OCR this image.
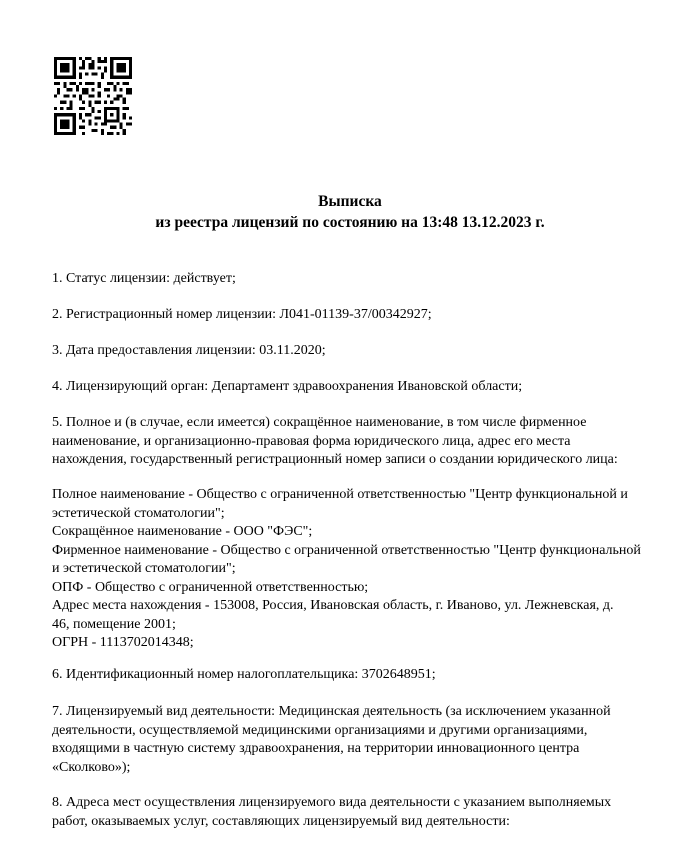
Выписка
из реестра лицензий по состоянию на 13:48 13.12.2023 г.

1. Статус лицензии: действует;

2. Регистрационный номер лицензии: Л041-01139-37/00342927;

3. Дата предоставления лицензии: 03.11.2020;

4. Лицензирующий орган: Департамент здравоохранения Ивановской области;

5. Полное и (в случае, если имеется) сокращённое наименование, в том числе фирменное
наименование, и организационно-правовая форма юридического лица, адрес его места
нахождения, государственный регистрационный номер записи о создании юридического лица:

Полное наименование - Общество с ограниченной ответственностью "Центр функциональной и
эстетической стоматологии";
Сокращённое наименование - ООО "ФЭС";
Фирменное наименование - Общество с ограниченной ответственностью "Центр функциональной
и эстетической стоматологии";
ОПФ - Общество с ограниченной ответственностью;
Адрес места нахождения - 153008, Россия, Ивановская область, г. Иваново, ул. Лежневская, д.
46, помещение 2001;
ОГРН - 1113702014348;

6. Идентификационный номер налогоплательщика: 3702648951;

7. Лицензируемый вид деятельности: Медицинская деятельность (за исключением указанной
деятельности, осуществляемой медицинскими организациями и другими организациями,
входящими в частную систему здравоохранения, на территории инновационного центра
«Сколково»);

8. Адреса мест осуществления лицензируемого вида деятельности с указанием выполняемых
работ, оказываемых услуг, составляющих лицензируемый вид деятельности:
